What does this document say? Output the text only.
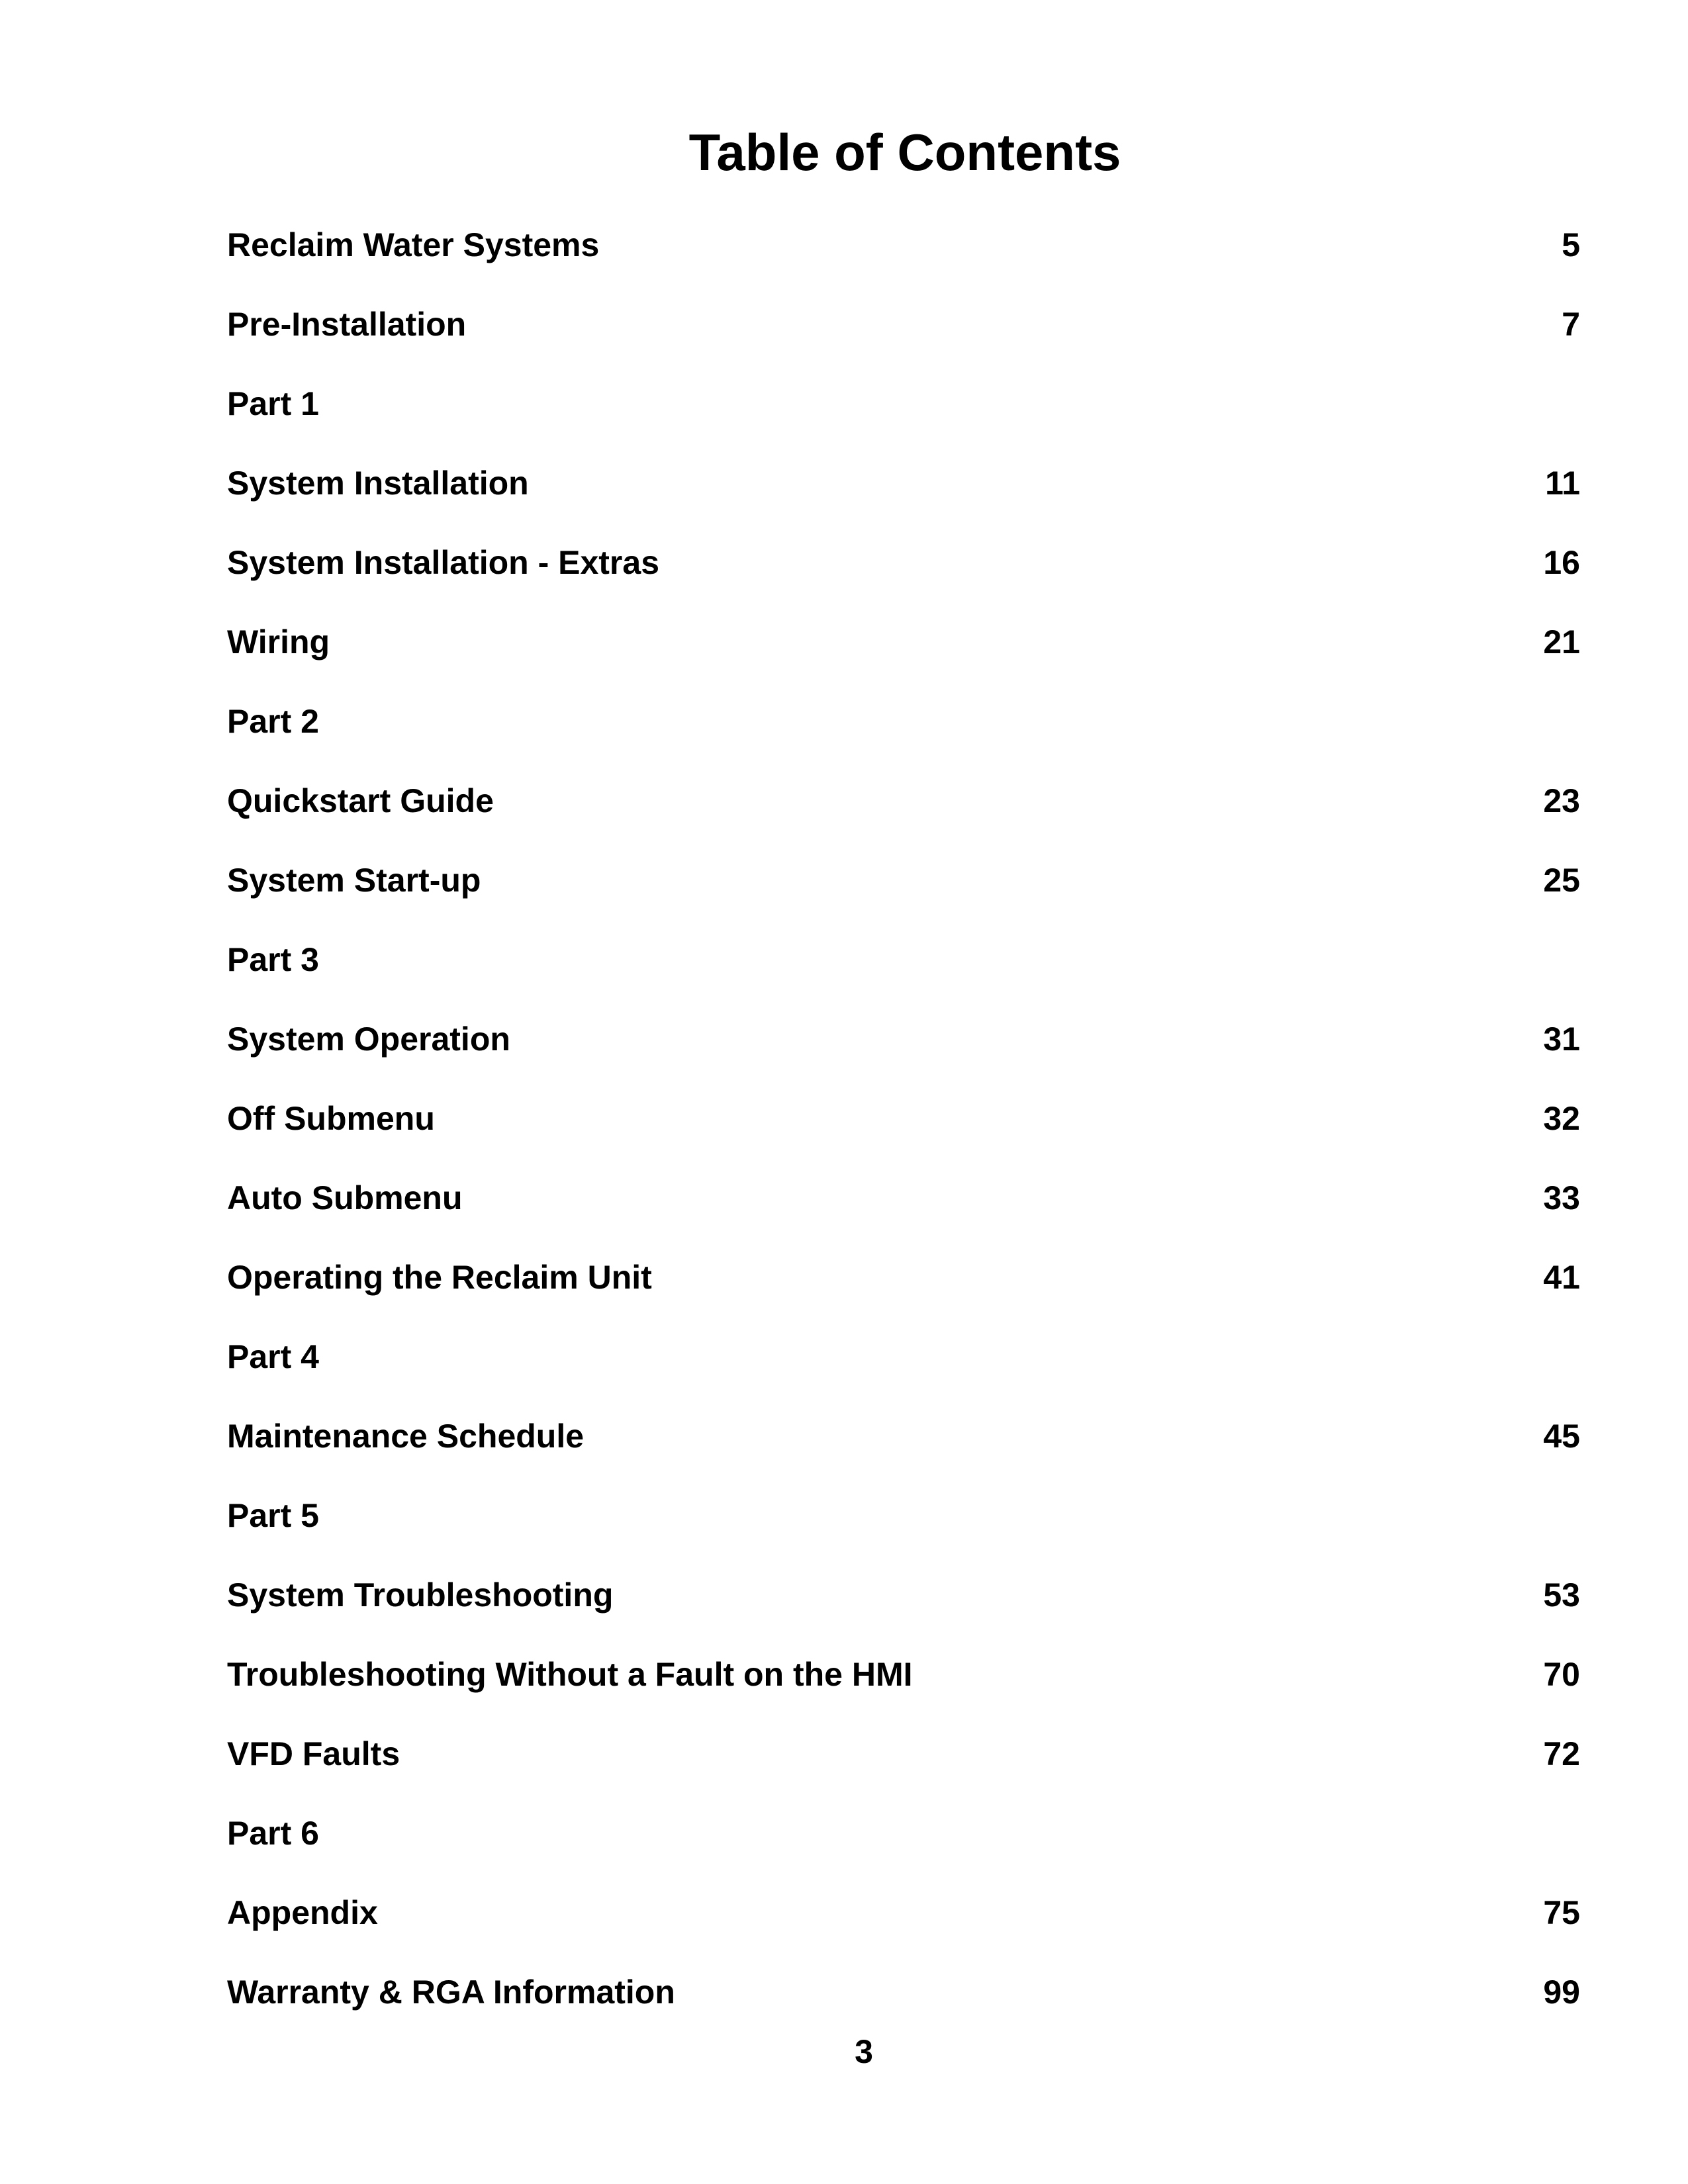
Table of Contents
Reclaim Water Systems	5
Pre-Installation	7
Part 1
System Installation	11
System Installation - Extras	16
Wiring	21
Part 2
Quickstart Guide	23
System Start-up	25
Part 3
System Operation	31
Off Submenu	32
Auto Submenu	33
Operating the Reclaim Unit	41
Part 4
Maintenance Schedule	45
Part 5
System Troubleshooting	53
Troubleshooting Without a Fault on the HMI	70
VFD Faults	72
Part 6
Appendix	75
Warranty & RGA Information	99
3
